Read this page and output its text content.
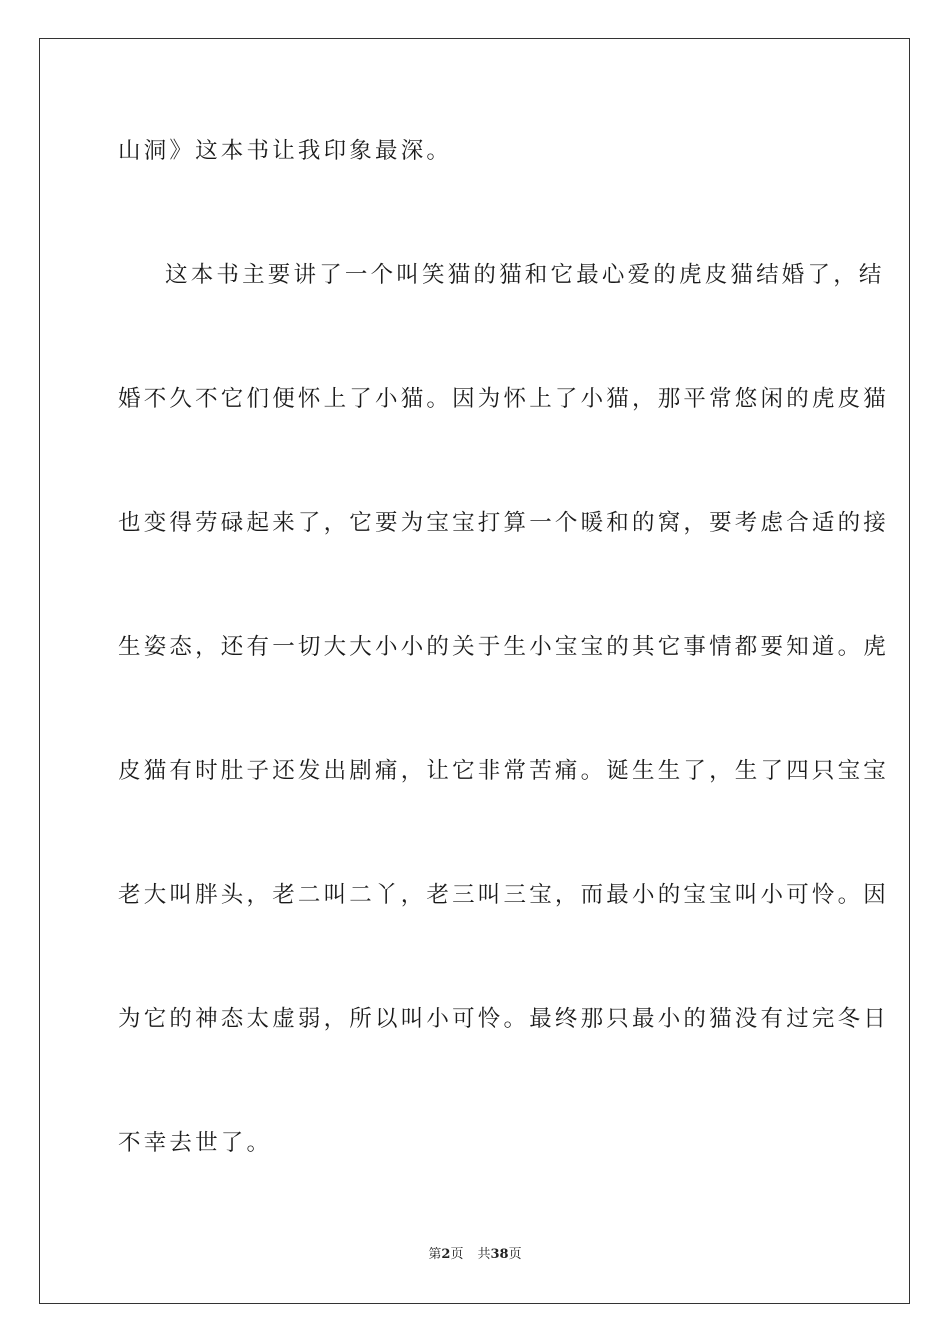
山洞》这本书让我印象最深。
这本书主要讲了一个叫笑猫的猫和它最心爱的虎皮猫结婚了，结
婚不久不它们便怀上了小猫。因为怀上了小猫，那平常悠闲的虎皮猫
也变得劳碌起来了，它要为宝宝打算一个暖和的窝，要考虑合适的接
生姿态，还有一切大大小小的关于生小宝宝的其它事情都要知道。虎
皮猫有时肚子还发出剧痛，让它非常苦痛。诞生生了，生了四只宝宝
老大叫胖头，老二叫二丫，老三叫三宝，而最小的宝宝叫小可怜。因
为它的神态太虚弱，所以叫小可怜。最终那只最小的猫没有过完冬日
不幸去世了。
第2页 共38页
